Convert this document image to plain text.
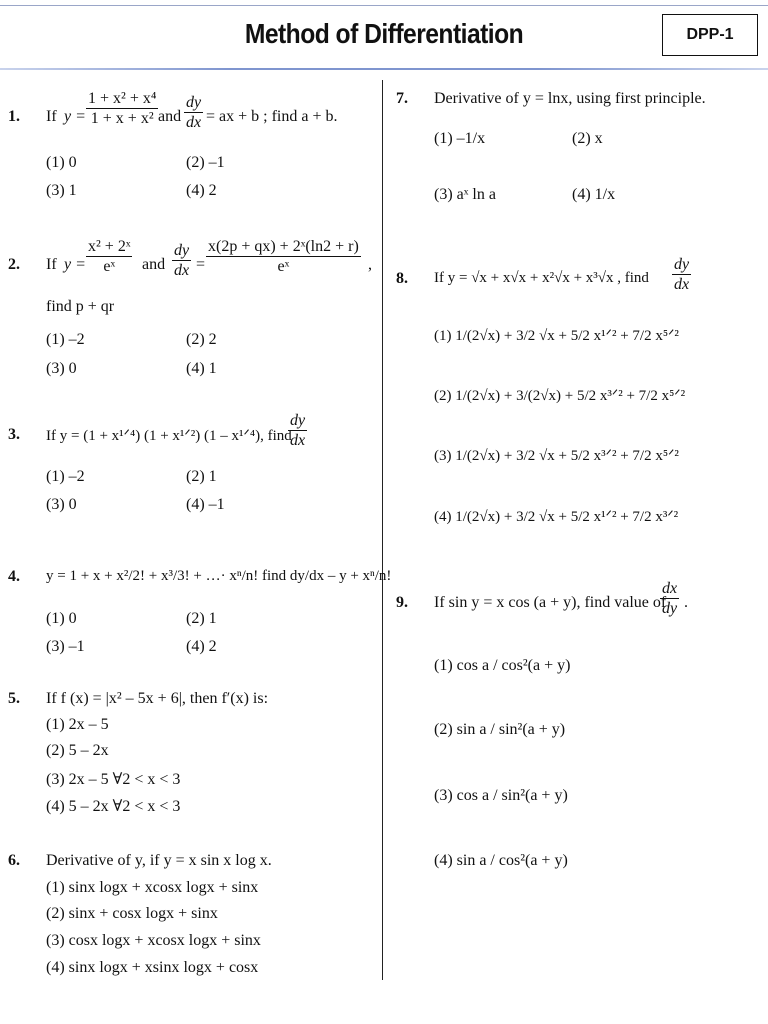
Method of Differentiation	DPP-1
1. If $y = \frac{\text{1 + x² + x⁴}}{\text{1 + x + x²}}$ and $\frac{dy}{dx}$ = ax + b ; find a + b.
(1) 0	(2) –1
(3) 1	(4) 2
2. If $y = \frac{\text{x² + 2ˣ}}{\text{eˣ}}$ and $\frac{dy}{dx} = \frac{\text{x(2p + qx) + 2ˣ(ln2 + r)}}{\text{eˣ}}$ ,
find p + qr
(1) –2	(2) 2
(3) 0	(4) 1
3. If y = (1 + x¹ᐟ⁴) (1 + x¹ᐟ²) (1 – x¹ᐟ⁴), find
$\frac{dy}{dx}$
(1) –2	(2) 1
(3) 0	(4) –1
4. y = 1 + x + x²/2! + x³/3! + …· xⁿ/n! find dy/dx – y + xⁿ/n!
(1) 0	(2) 1
(3) –1	(4) 2
5. If f (x) = |x² – 5x + 6|, then f′(x) is:
(1) 2x – 5
(2) 5 – 2x
(3) 2x – 5 ∀2 < x < 3
(4) 5 – 2x ∀2 < x < 3
6. Derivative of y, if y = x sin x log x.
(1) sinx logx + xcosx logx + sinx
(2) sinx + cosx logx + sinx
(3) cosx logx + xcosx logx + sinx
(4) sinx logx + xsinx logx + cosx
7. Derivative of y = lnx, using first principle.
(1) –1/x	(2) x
(3) aˣ ln a	(4) 1/x
8. If y = √x + x√x + x²√x + x³√x , find $\frac{dy}{dx}$
(1) 1/(2√x) + 3/2 √x + 5/2 x¹ᐟ² + 7/2 x⁵ᐟ²
(2) 1/(2√x) + 3/(2√x) + 5/2 x³ᐟ² + 7/2 x⁵ᐟ²
(3) 1/(2√x) + 3/2 √x + 5/2 x³ᐟ² + 7/2 x⁵ᐟ²
(4) 1/(2√x) + 3/2 √x + 5/2 x¹ᐟ² + 7/2 x³ᐟ²
9. If sin y = x cos (a + y), find value of
$\frac{dx}{dy}$ .
(1) cos a / cos²(a + y)
(2) sin a / sin²(a + y)
(3) cos a / sin²(a + y)
(4) sin a / cos²(a + y)
